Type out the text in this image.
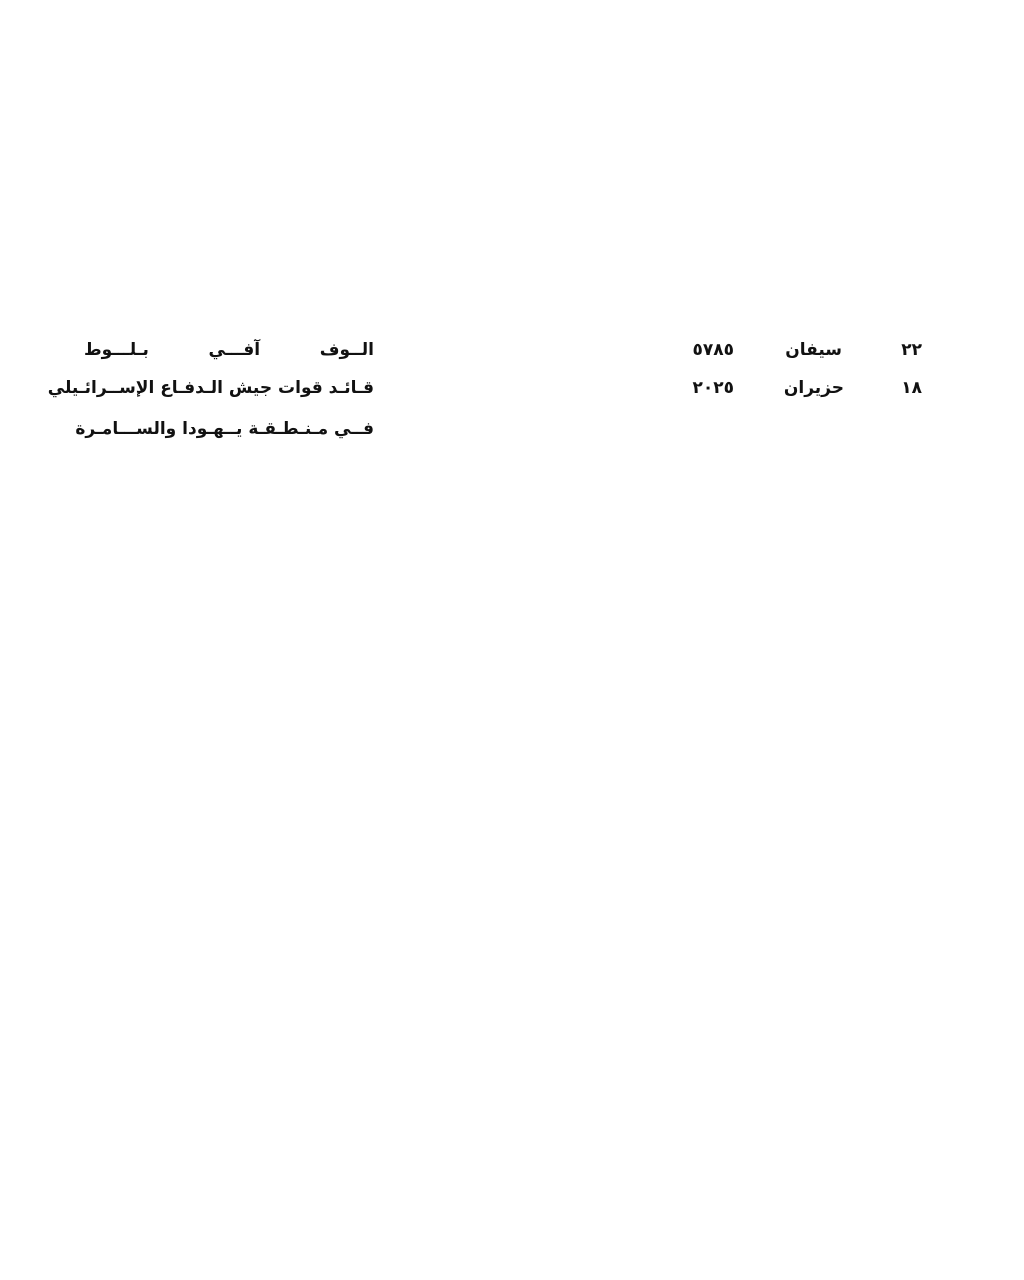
٢٢
سيفان
٥٧٨٥
١٨
حزيران
٢٠٢٥
الــوف آفـــي بـلـــوط
قـائـد قوات جيش الـدفـاع الإســرائـيلي
فــي مـنـطـقـة يــهـودا والســـامـرة
